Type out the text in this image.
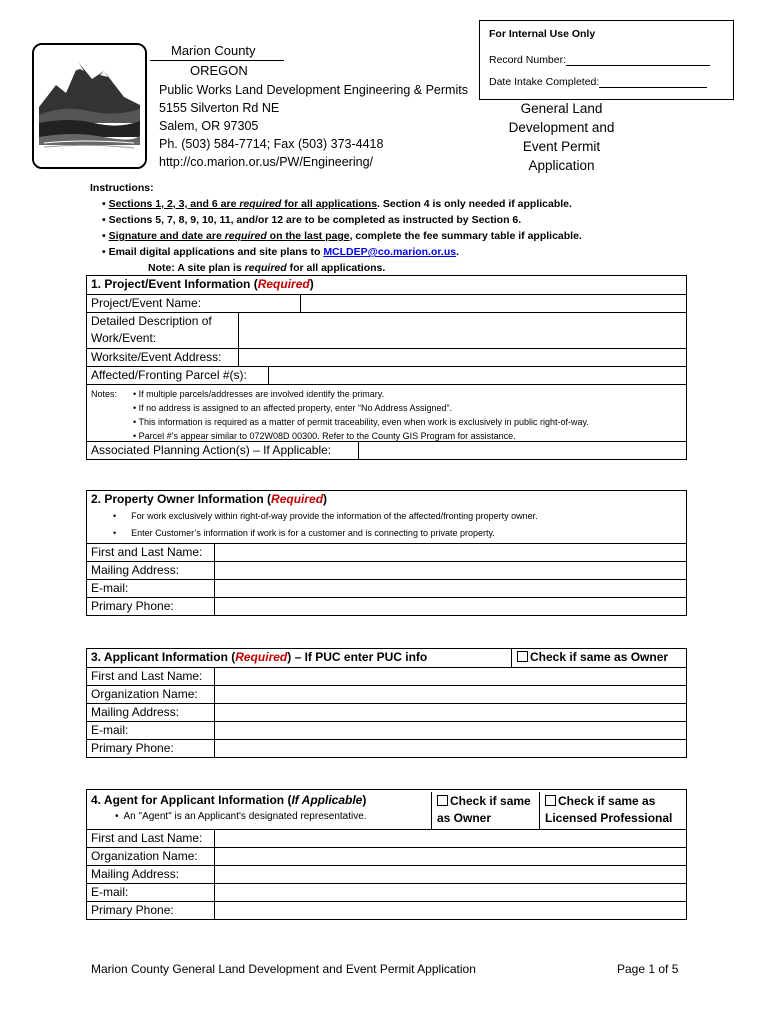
Marion County
OREGON
Public Works Land Development Engineering & Permits
5155 Silverton Rd NE
Salem, OR 97305
Ph. (503) 584-7714; Fax (503) 373-4418
http://co.marion.or.us/PW/Engineering/
For Internal Use Only
Record Number:
Date Intake Completed:
General Land
Development and
Event Permit
Application
Instructions:
• Sections 1, 2, 3, and 6 are required for all applications. Section 4 is only needed if applicable.
• Sections 5, 7, 8, 9, 10, 11, and/or 12 are to be completed as instructed by Section 6.
• Signature and date are required on the last page, complete the fee summary table if applicable.
• Email digital applications and site plans to MCLDEP@co.marion.or.us.
Note: A site plan is required for all applications.
1. Project/Event Information (Required)
Project/Event Name:
Detailed Description of
Work/Event:
Worksite/Event Address:
Affected/Fronting Parcel #(s):
Notes: • If multiple parcels/addresses are involved identify the primary.
• If no address is assigned to an affected property, enter “No Address Assigned”.
• This information is required as a matter of permit traceability, even when work is exclusively in public right-of-way.
• Parcel #’s appear similar to 072W08D 00300. Refer to the County GIS Program for assistance.
Associated Planning Action(s) – If Applicable:
2. Property Owner Information (Required)
•      For work exclusively within right-of-way provide the information of the affected/fronting property owner.
•      Enter Customer’s information if work is for a customer and is connecting to private property.
First and Last Name:
Mailing Address:
E-mail:
Primary Phone:
3. Applicant Information (Required) – If PUC enter PUC info	Check if same as Owner
First and Last Name:
Organization Name:
Mailing Address:
E-mail:
Primary Phone:
4. Agent for Applicant Information (If Applicable)
•  An "Agent" is an Applicant's designated representative.
Check if same
as Owner
Check if same as
Licensed Professional
First and Last Name:
Organization Name:
Mailing Address:
E-mail:
Primary Phone:
Marion County General Land Development and Event Permit Application	Page 1 of 5
